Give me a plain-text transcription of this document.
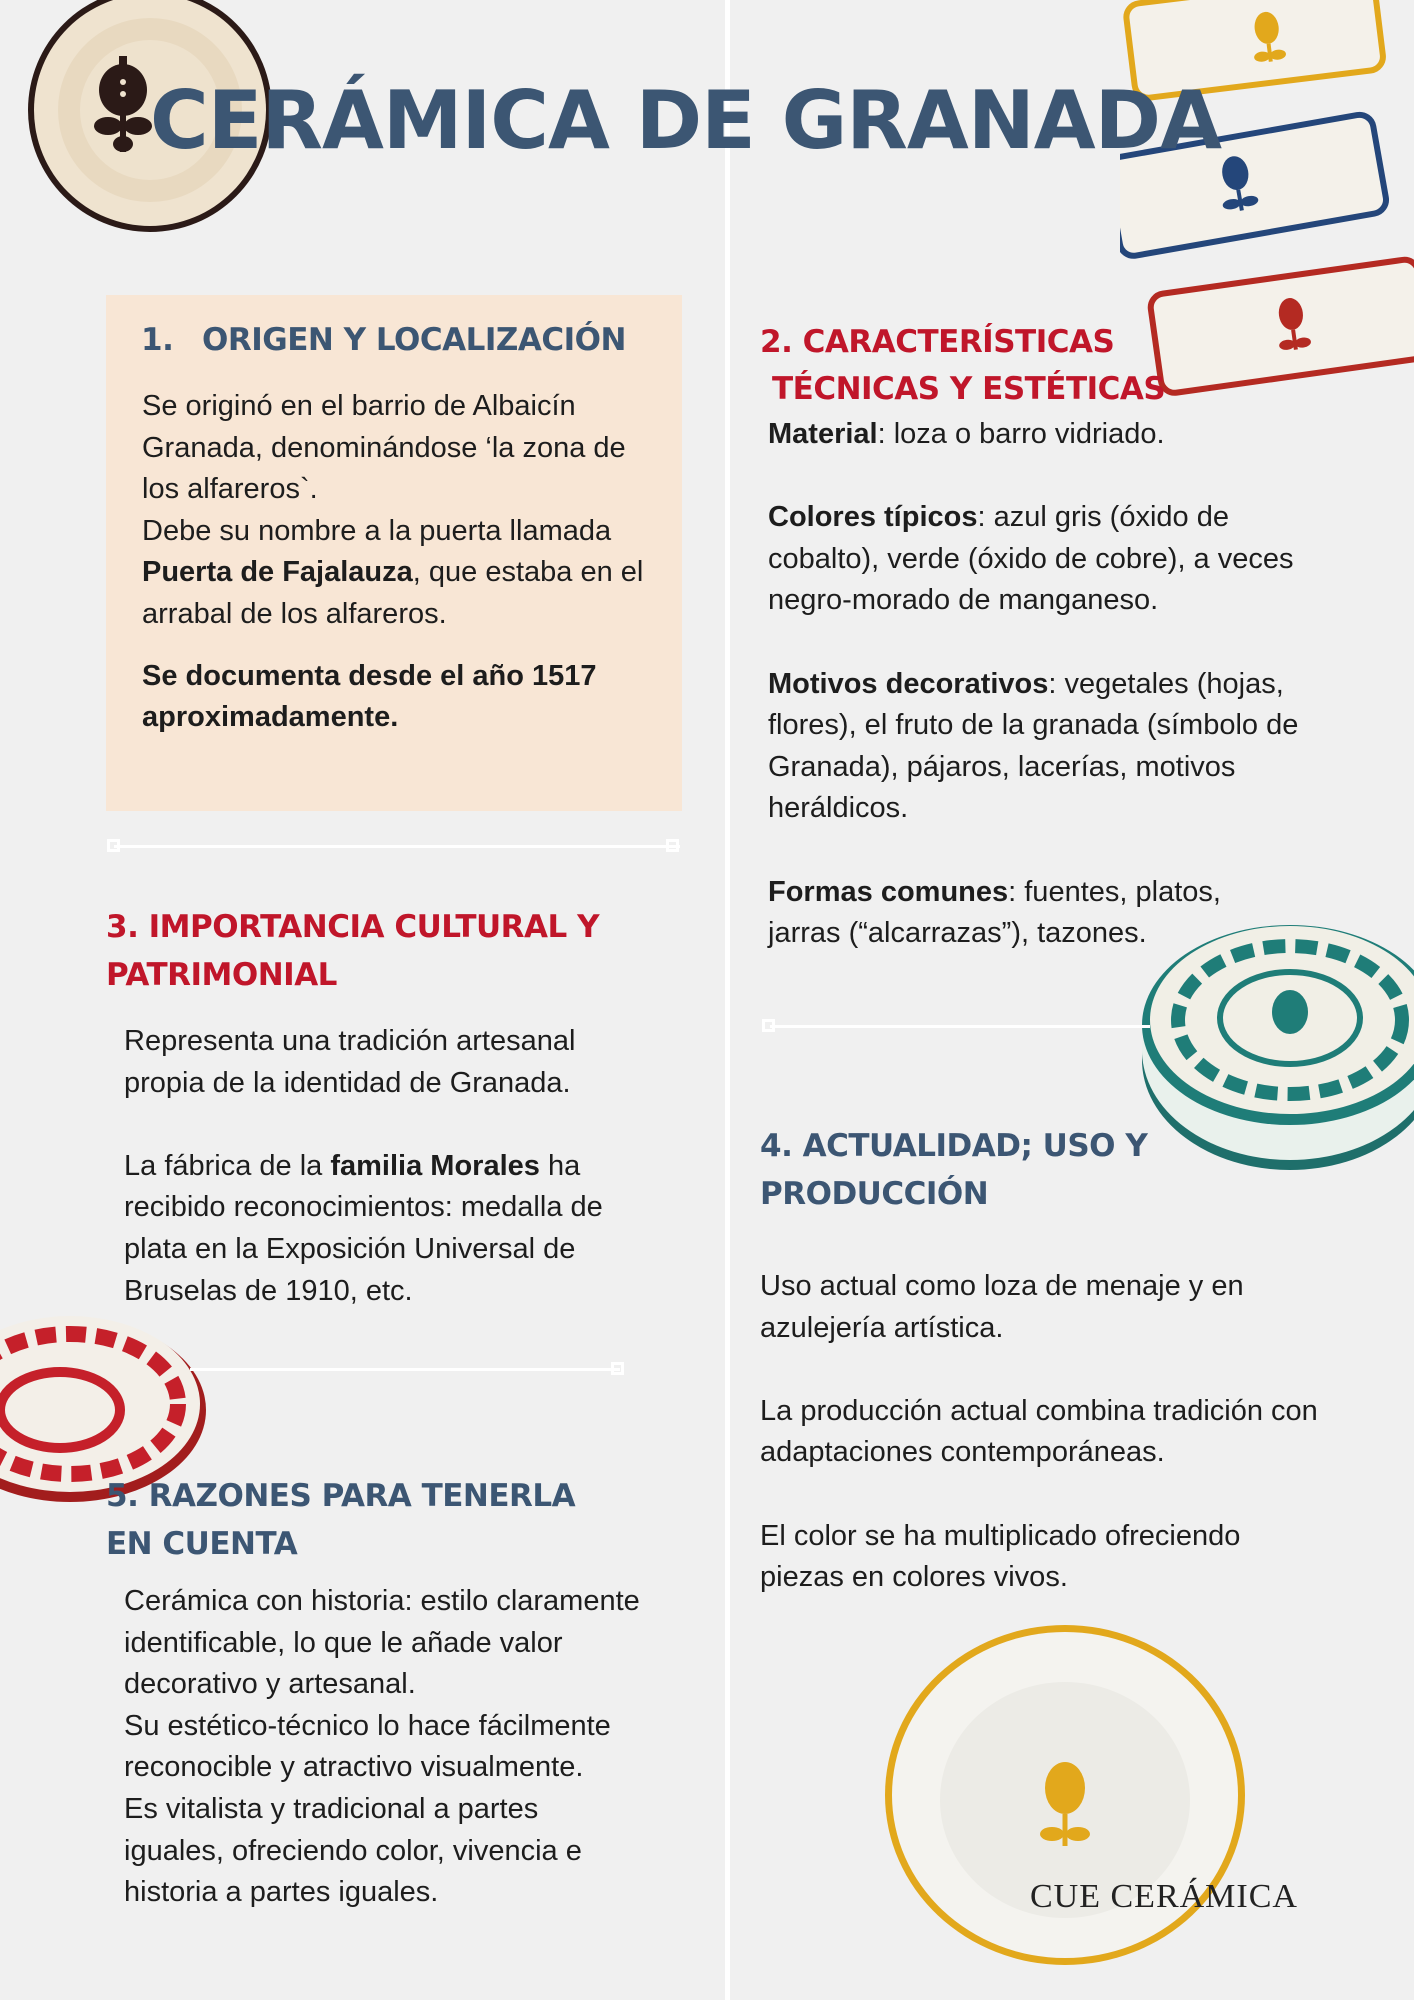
CERÁMICA DE GRANADA
1. ORIGEN Y LOCALIZACIÓN

Se originó en el barrio de Albaicín Granada, denominándose ‘la zona de los alfareros`.

Debe su nombre a la puerta llamada Puerta de Fajalauza, que estaba en el arrabal de los alfareros.

Se documenta desde el año 1517 aproximadamente.

2. CARACTERÍSTICAS
TÉCNICAS Y ESTÉTICAS

Material: loza o barro vidriado.

Colores típicos: azul gris (óxido de cobalto), verde (óxido de cobre), a veces negro-morado de manganeso.

Motivos decorativos: vegetales (hojas, flores), el fruto de la granada (símbolo de Granada), pájaros, lacerías, motivos heráldicos.

Formas comunes: fuentes, platos, jarras (“alcarrazas”), tazones.

3. IMPORTANCIA CULTURAL Y
PATRIMONIAL

Representa una tradición artesanal propia de la identidad de Granada.

La fábrica de la familia Morales ha recibido reconocimientos: medalla de plata en la Exposición Universal de Bruselas de 1910, etc.

4. ACTUALIDAD; USO Y
PRODUCCIÓN

Uso actual como loza de menaje y en azulejería artística.

La producción actual combina tradición con adaptaciones contemporáneas.

El color se ha multiplicado ofreciendo piezas en colores vivos.

5. RAZONES PARA TENERLA
EN CUENTA

Cerámica con historia: estilo claramente identificable, lo que le añade valor decorativo y artesanal.

Su estético-técnico lo hace fácilmente reconocible y atractivo visualmente.

Es vitalista y tradicional a partes iguales, ofreciendo color, vivencia e historia a partes iguales.	CUE CERÁMICA
